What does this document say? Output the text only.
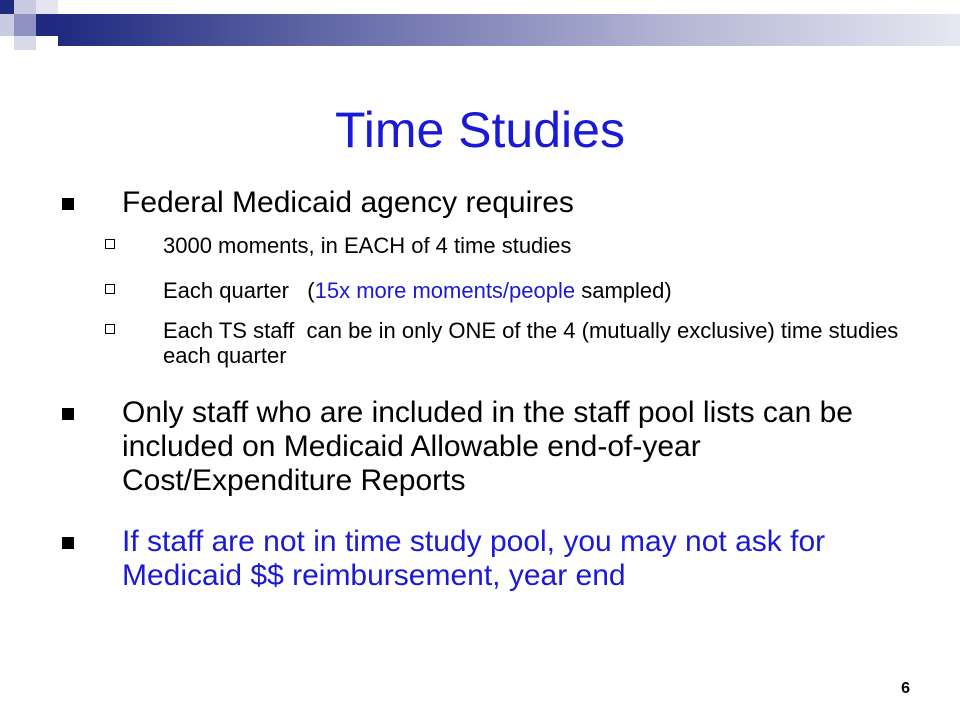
Time Studies
Federal Medicaid agency requires
3000 moments, in EACH of 4 time studies
Each quarter   (15x more moments/people sampled)
Each TS staff  can be in only ONE of the 4 (mutually exclusive) time studies each quarter
Only staff who are included in the staff pool lists can be included on Medicaid Allowable end-of-year Cost/Expenditure Reports
If staff are not in time study pool, you may not ask for Medicaid $$ reimbursement, year end
6
